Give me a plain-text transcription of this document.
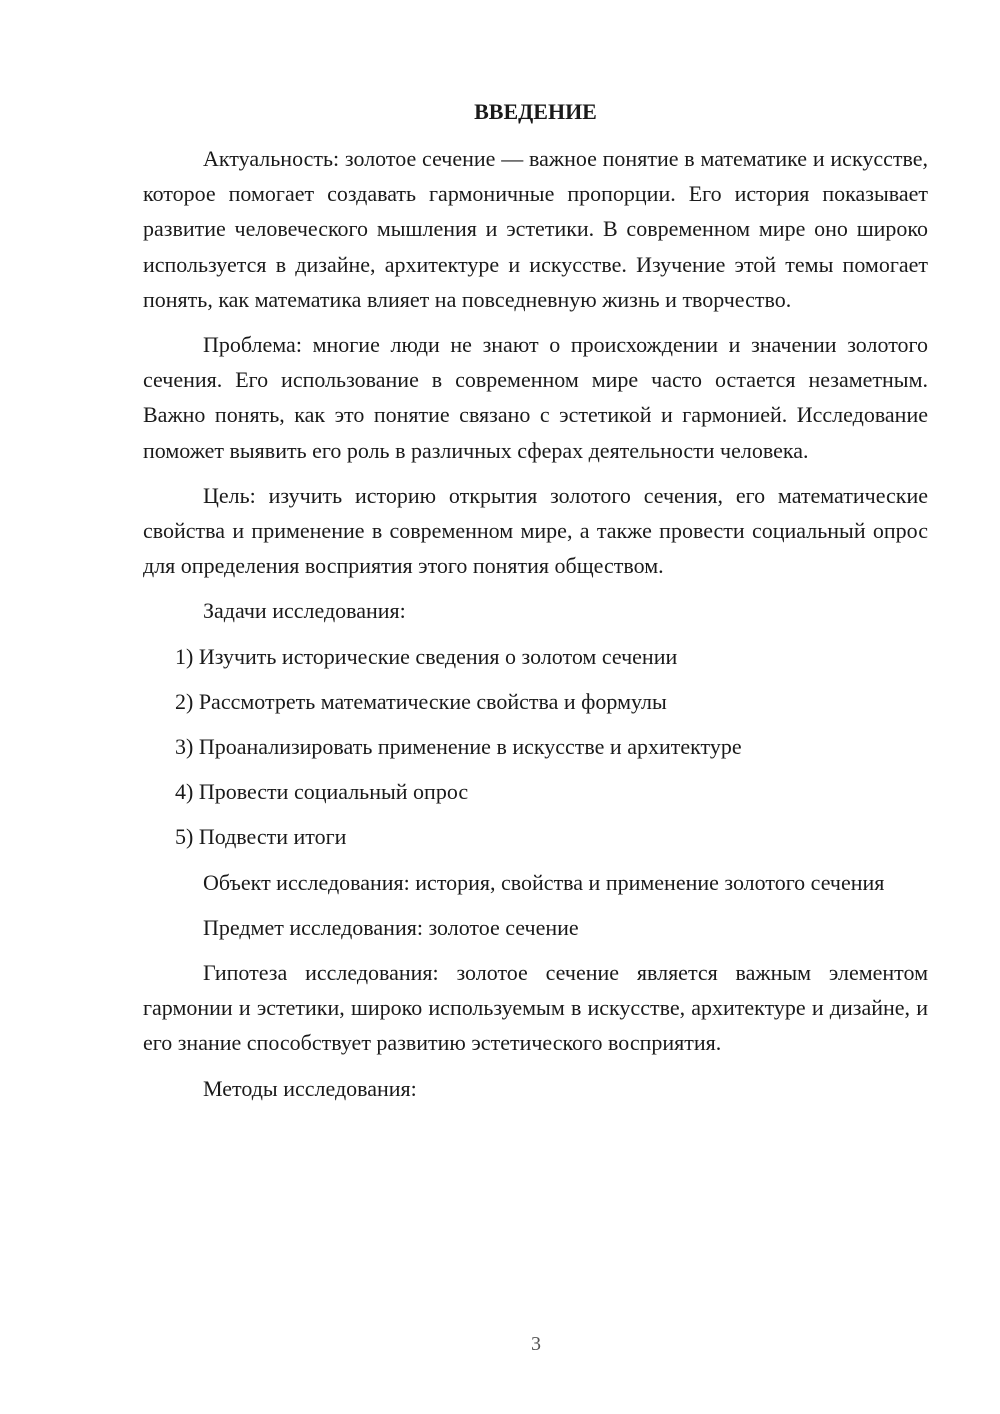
ВВЕДЕНИЕ

Актуальность: золотое сечение — важное понятие в математике и искусстве, которое помогает создавать гармоничные пропорции. Его история показывает развитие человеческого мышления и эстетики. В современном мире оно широко используется в дизайне, архитектуре и искусстве. Изучение этой темы помогает понять, как математика влияет на повседневную жизнь и творчество.

Проблема: многие люди не знают о происхождении и значении золотого сечения. Его использование в современном мире часто остается незаметным. Важно понять, как это понятие связано с эстетикой и гармонией. Исследование поможет выявить его роль в различных сферах деятельности человека.

Цель: изучить историю открытия золотого сечения, его математические свойства и применение в современном мире, а также провести социальный опрос для определения восприятия этого понятия обществом.

Задачи исследования:

1) Изучить исторические сведения о золотом сечении

2) Рассмотреть математические свойства и формулы

3) Проанализировать применение в искусстве и архитектуре

4) Провести социальный опрос

5) Подвести итоги

Объект исследования: история, свойства и применение золотого сечения

Предмет исследования: золотое сечение

Гипотеза исследования: золотое сечение является важным элементом гармонии и эстетики, широко используемым в искусстве, архитектуре и дизайне, и его знание способствует развитию эстетического восприятия.

Методы исследования:

3
